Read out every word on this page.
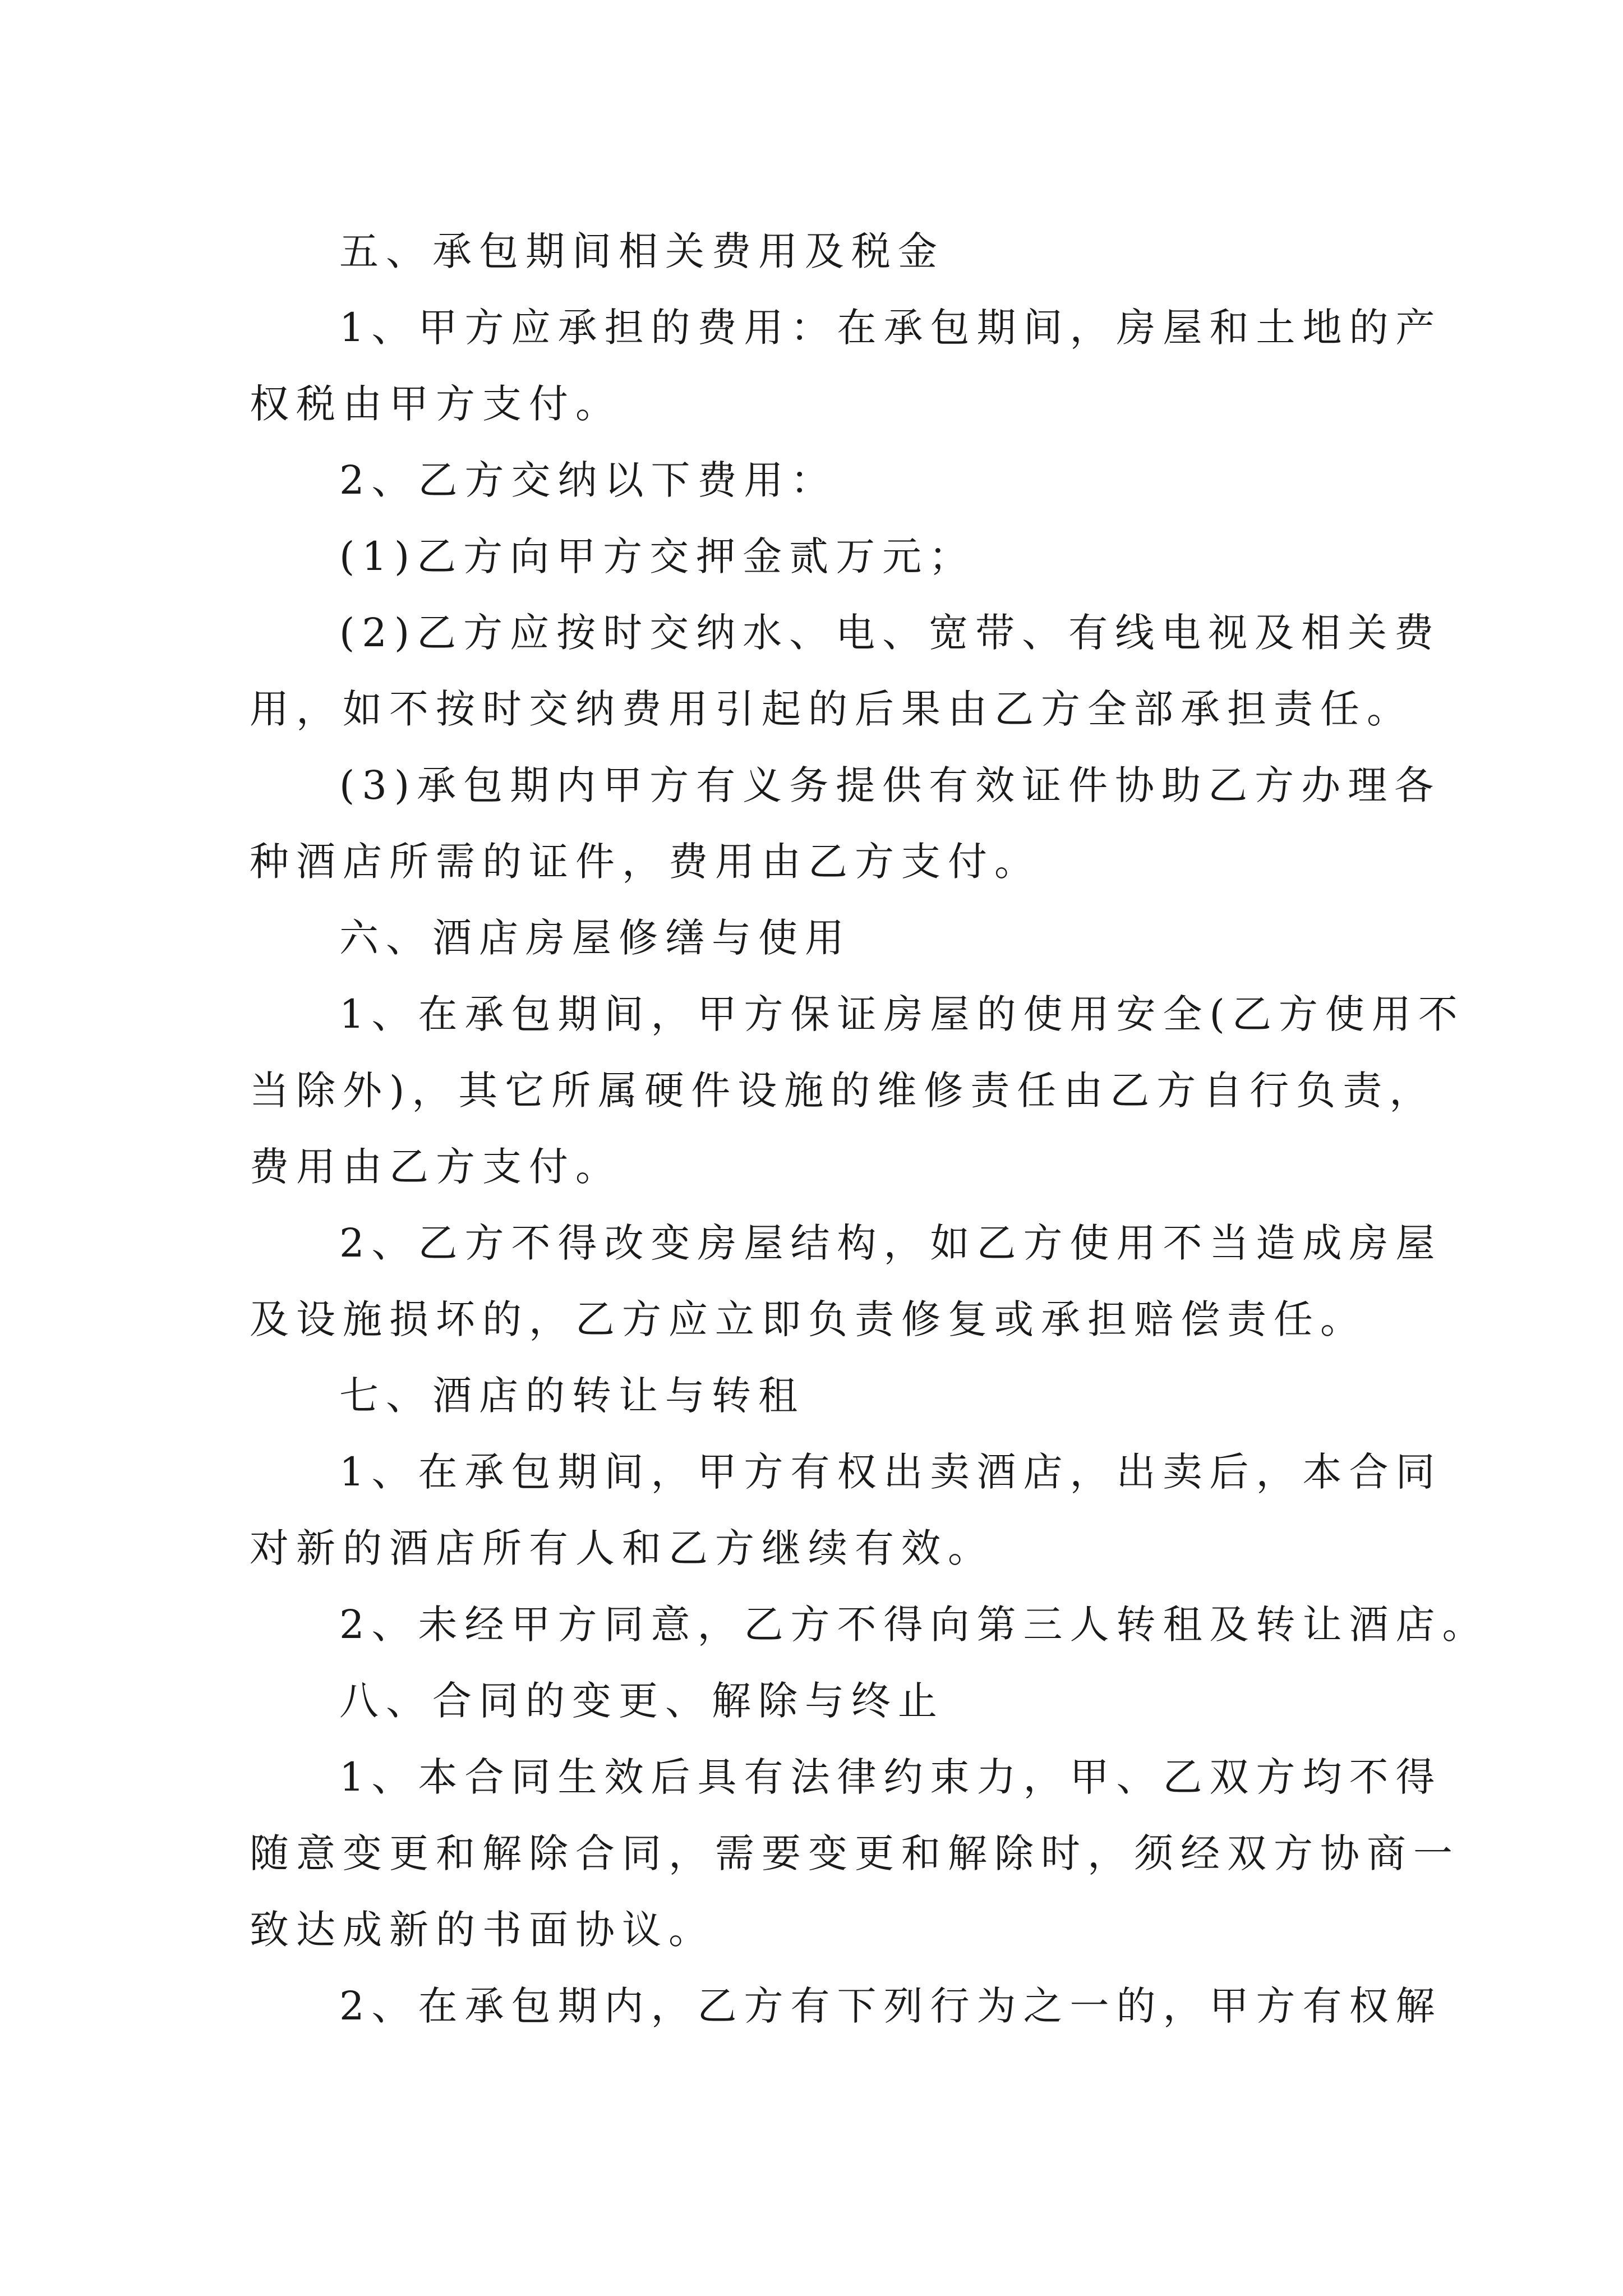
五、承包期间相关费用及税金
1、甲方应承担的费用：在承包期间，房屋和土地的产
权税由甲方支付。
2、乙方交纳以下费用：
(1)乙方向甲方交押金贰万元；
(2)乙方应按时交纳水、电、宽带、有线电视及相关费
用，如不按时交纳费用引起的后果由乙方全部承担责任。
(3)承包期内甲方有义务提供有效证件协助乙方办理各
种酒店所需的证件，费用由乙方支付。
六、酒店房屋修缮与使用
1、在承包期间，甲方保证房屋的使用安全(乙方使用不
当除外)，其它所属硬件设施的维修责任由乙方自行负责，
费用由乙方支付。
2、乙方不得改变房屋结构，如乙方使用不当造成房屋
及设施损坏的，乙方应立即负责修复或承担赔偿责任。
七、酒店的转让与转租
1、在承包期间，甲方有权出卖酒店，出卖后，本合同
对新的酒店所有人和乙方继续有效。
2、未经甲方同意，乙方不得向第三人转租及转让酒店。
八、合同的变更、解除与终止
1、本合同生效后具有法律约束力，甲、乙双方均不得
随意变更和解除合同，需要变更和解除时，须经双方协商一
致达成新的书面协议。
2、在承包期内，乙方有下列行为之一的，甲方有权解
